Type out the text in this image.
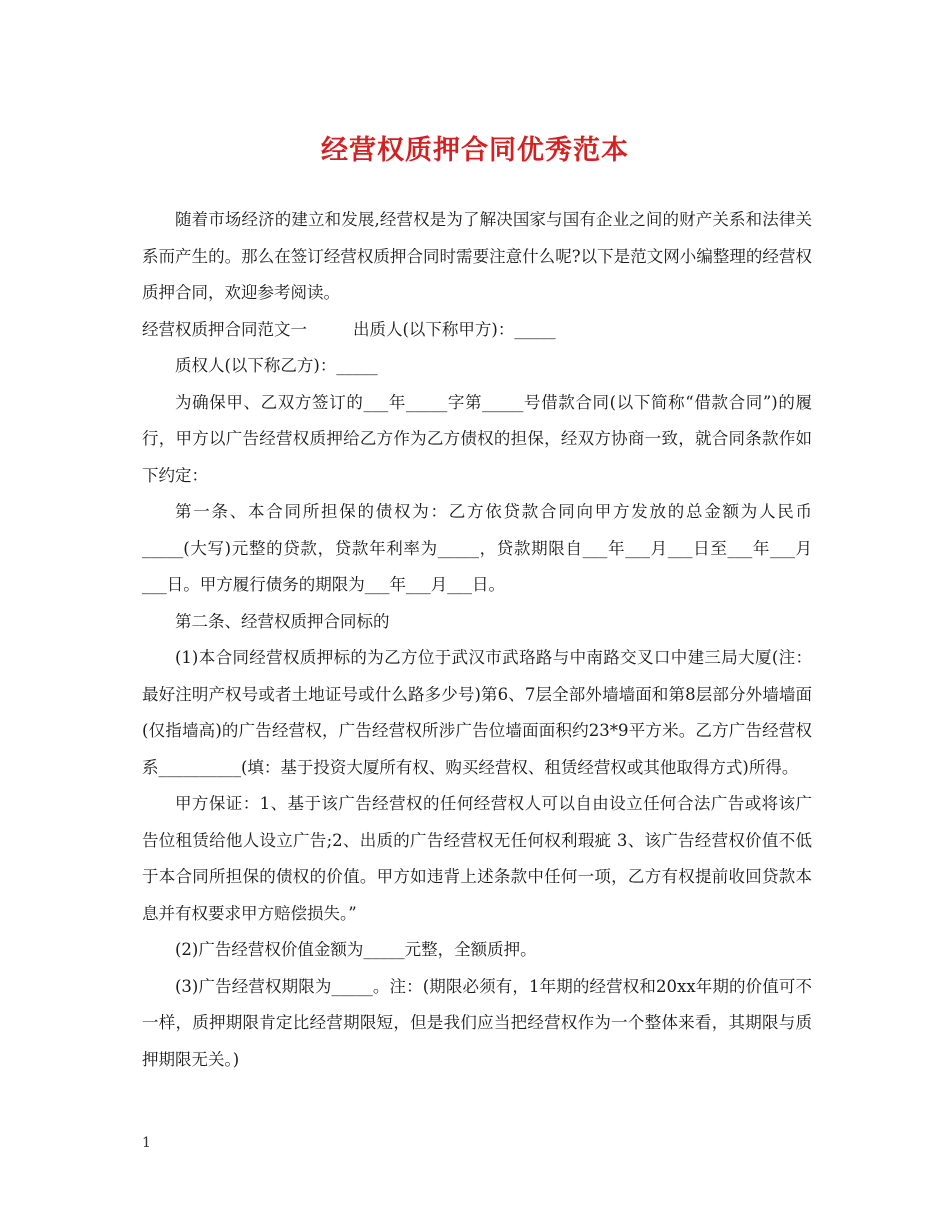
经营权质押合同优秀范本

随着市场经济的建立和发展,经营权是为了解决国家与国有企业之间的财产关系和法律关系而产生的。那么在签订经营权质押合同时需要注意什么呢?以下是范文网小编整理的经营权质押合同，欢迎参考阅读。

经营权质押合同范文一	出质人(以下称甲方)：_____

质权人(以下称乙方)：_____

为确保甲、乙双方签订的___年_____字第_____号借款合同(以下简称“借款合同”)的履行，甲方以广告经营权质押给乙方作为乙方债权的担保，经双方协商一致，就合同条款作如下约定：

第一条、本合同所担保的债权为：乙方依贷款合同向甲方发放的总金额为人民币_____(大写)元整的贷款，贷款年利率为_____，贷款期限自___年___月___日至___年___月___日。甲方履行债务的期限为___年___月___日。

第二条、经营权质押合同标的

(1)本合同经营权质押标的为乙方位于武汉市武珞路与中南路交叉口中建三局大厦(注：最好注明产权号或者土地证号或什么路多少号)第6、7层全部外墙墙面和第8层部分外墙墙面(仅指墙高)的广告经营权，广告经营权所涉广告位墙面面积约23*9平方米。乙方广告经营权系__________(填：基于投资大厦所有权、购买经营权、租赁经营权或其他取得方式)所得。

甲方保证：1、基于该广告经营权的任何经营权人可以自由设立任何合法广告或将该广告位租赁给他人设立广告;2、出质的广告经营权无任何权利瑕疵 3、该广告经营权价值不低于本合同所担保的债权的价值。甲方如违背上述条款中任何一项，乙方有权提前收回贷款本息并有权要求甲方赔偿损失。”

(2)广告经营权价值金额为_____元整，全额质押。

(3)广告经营权期限为_____。注：(期限必须有，1年期的经营权和20xx年期的价值可不一样，质押期限肯定比经营期限短，但是我们应当把经营权作为一个整体来看，其期限与质押期限无关。)

1
